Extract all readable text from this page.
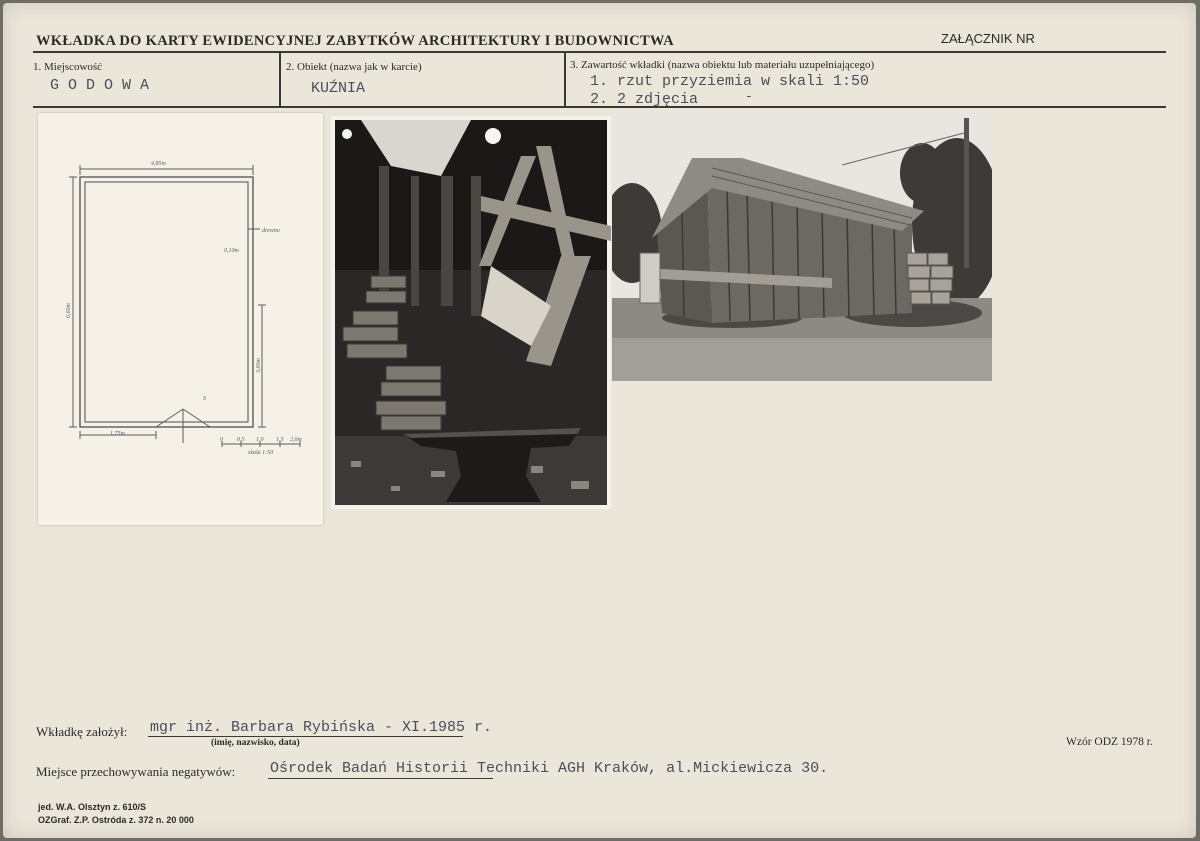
WKŁADKA DO KARTY EWIDENCYJNEJ ZABYTKÓW ARCHITEKTURY I BUDOWNICTWA	ZAŁĄCZNIK NR
1. Miejscowość
GODOWA
2. Obiekt (nazwa jak w karcie)
KUŹNIA
3. Zawartość wkładki (nazwa obiektu lub materiału uzupełniającego)
1. rzut przyziemia w skali 1:50
2. 2 zdjęcia	-
4,85m
6,60m
3,60m
1,75m
drewno
0,10m
S
0 0,5 1,0 1,5 2,0m
skala 1:50
Wkładkę założył: mgr inż. Barbara Rybińska - XI.1985 r.
(imię, nazwisko, data)	Wzór ODZ 1978 r.
Miejsce przechowywania negatywów: Ośrodek Badań Historii Techniki AGH Kraków, al.Mickiewicza 30.
jed. W.A. Olsztyn z. 610/S
OZGraf. Z.P. Ostróda z. 372 n. 20 000
